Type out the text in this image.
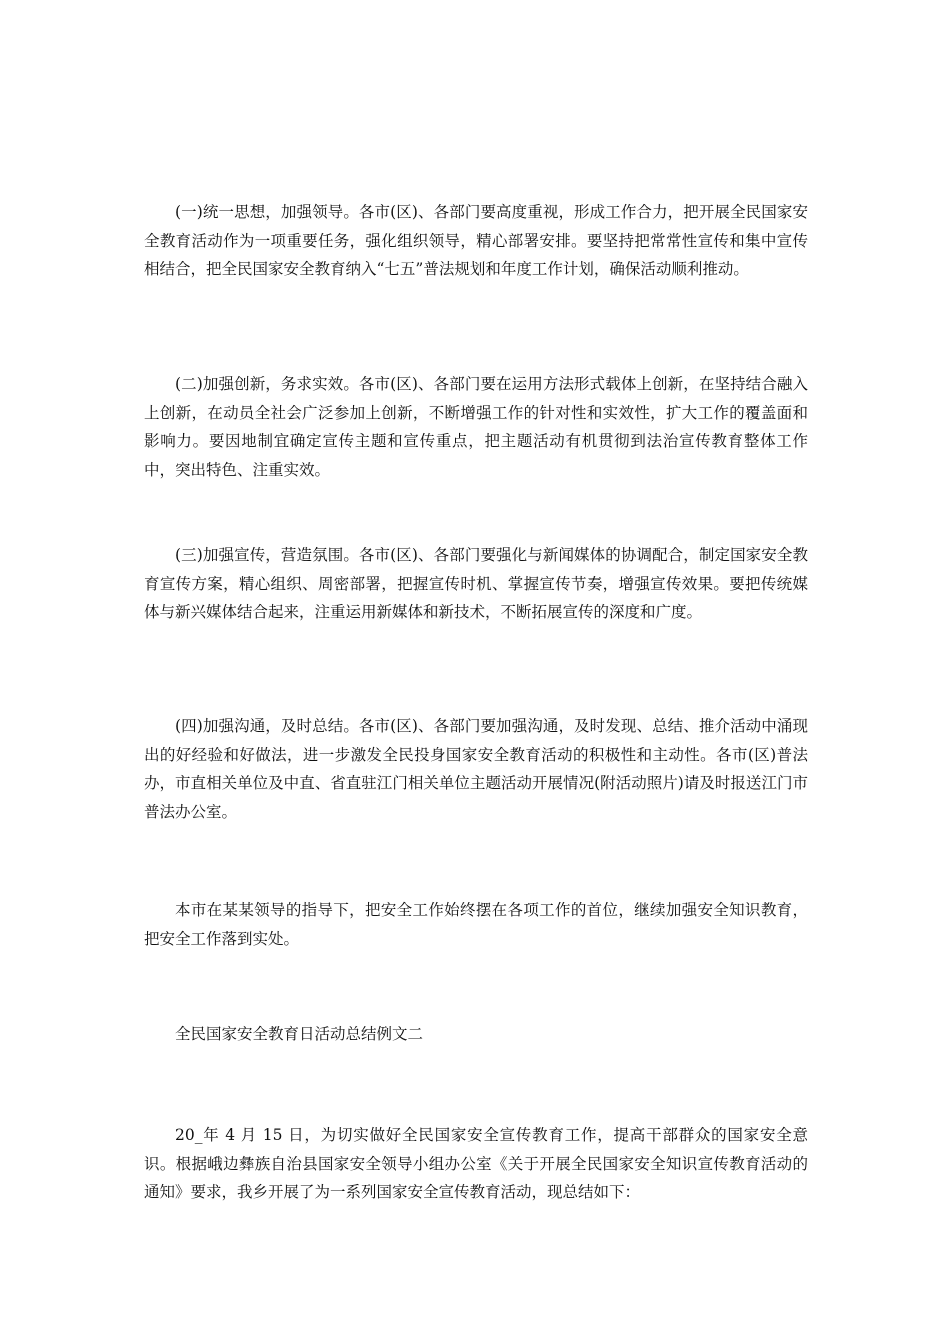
(一)统一思想，加强领导。各市(区)、各部门要高度重视，形成工作合力，把开展全民国家安全教育活动作为一项重要任务，强化组织领导，精心部署安排。要坚持把常常性宣传和集中宣传相结合，把全民国家安全教育纳入“七五”普法规划和年度工作计划，确保活动顺利推动。

(二)加强创新，务求实效。各市(区)、各部门要在运用方法形式载体上创新，在坚持结合融入上创新，在动员全社会广泛参加上创新，不断增强工作的针对性和实效性，扩大工作的覆盖面和影响力。要因地制宜确定宣传主题和宣传重点，把主题活动有机贯彻到法治宣传教育整体工作中，突出特色、注重实效。

(三)加强宣传，营造氛围。各市(区)、各部门要强化与新闻媒体的协调配合，制定国家安全教育宣传方案，精心组织、周密部署，把握宣传时机、掌握宣传节奏，增强宣传效果。要把传统媒体与新兴媒体结合起来，注重运用新媒体和新技术，不断拓展宣传的深度和广度。

(四)加强沟通，及时总结。各市(区)、各部门要加强沟通，及时发现、总结、推介活动中涌现出的好经验和好做法，进一步激发全民投身国家安全教育活动的积极性和主动性。各市(区)普法办，市直相关单位及中直、省直驻江门相关单位主题活动开展情况(附活动照片)请及时报送江门市普法办公室。

本市在某某领导的指导下，把安全工作始终摆在各项工作的首位，继续加强安全知识教育，把安全工作落到实处。

全民国家安全教育日活动总结例文二

20_年 4 月 15 日，为切实做好全民国家安全宣传教育工作，提高干部群众的国家安全意识。根据峨边彝族自治县国家安全领导小组办公室《关于开展全民国家安全知识宣传教育活动的通知》要求，我乡开展了为一系列国家安全宣传教育活动，现总结如下：
